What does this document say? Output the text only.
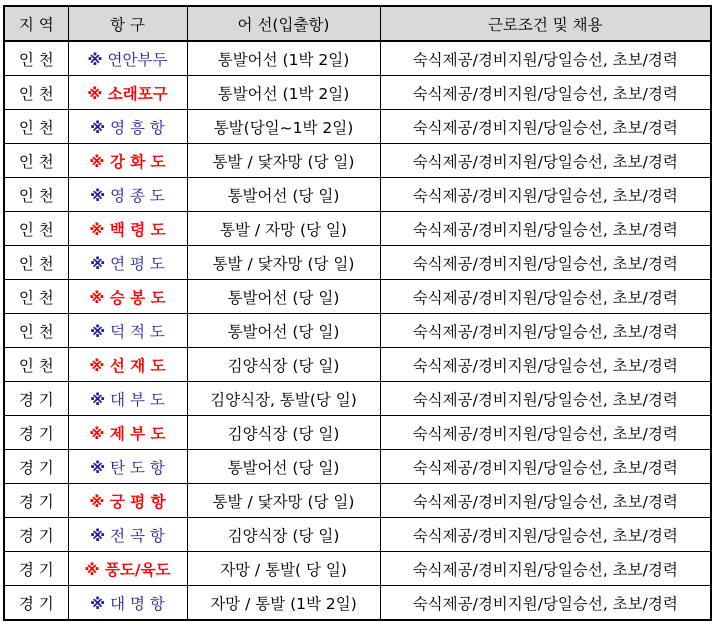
지 역	항 구	어 선(입출항)	근로조건 및 채용
인 천	※ 연안부두	통발어선 (1박 2일)	숙식제공/경비지원/당일승선, 초보/경력
인 천	※ 소래포구	통발어선 (1박 2일)	숙식제공/경비지원/당일승선, 초보/경력
인 천	※ 영 흥 항	통발(당일~1박 2일)	숙식제공/경비지원/당일승선, 초보/경력
인 천	※ 강 화 도	통발 / 닻자망 (당 일)	숙식제공/경비지원/당일승선, 초보/경력
인 천	※ 영 종 도	통발어선 (당 일)	숙식제공/경비지원/당일승선, 초보/경력
인 천	※ 백 령 도	통발 / 자망 (당 일)	숙식제공/경비지원/당일승선, 초보/경력
인 천	※ 연 평 도	통발 / 닻자망 (당 일)	숙식제공/경비지원/당일승선, 초보/경력
인 천	※ 승 봉 도	통발어선 (당 일)	숙식제공/경비지원/당일승선, 초보/경력
인 천	※ 덕 적 도	통발어선 (당 일)	숙식제공/경비지원/당일승선, 초보/경력
인 천	※ 선 재 도	김양식장 (당 일)	숙식제공/경비지원/당일승선, 초보/경력
경 기	※ 대 부 도	김양식장, 통발(당 일)	숙식제공/경비지원/당일승선, 초보/경력
경 기	※ 제 부 도	김양식장 (당 일)	숙식제공/경비지원/당일승선, 초보/경력
경 기	※ 탄 도 항	통발어선 (당 일)	숙식제공/경비지원/당일승선, 초보/경력
경 기	※ 궁 평 항	통발 / 닻자망 (당 일)	숙식제공/경비지원/당일승선, 초보/경력
경 기	※ 전 곡 항	김양식장 (당 일)	숙식제공/경비지원/당일승선, 초보/경력
경 기	※ 풍도/육도	자망 / 통발( 당 일)	숙식제공/경비지원/당일승선, 초보/경력
경 기	※ 대 명 항	자망 / 통발 (1박 2일)	숙식제공/경비지원/당일승선, 초보/경력
